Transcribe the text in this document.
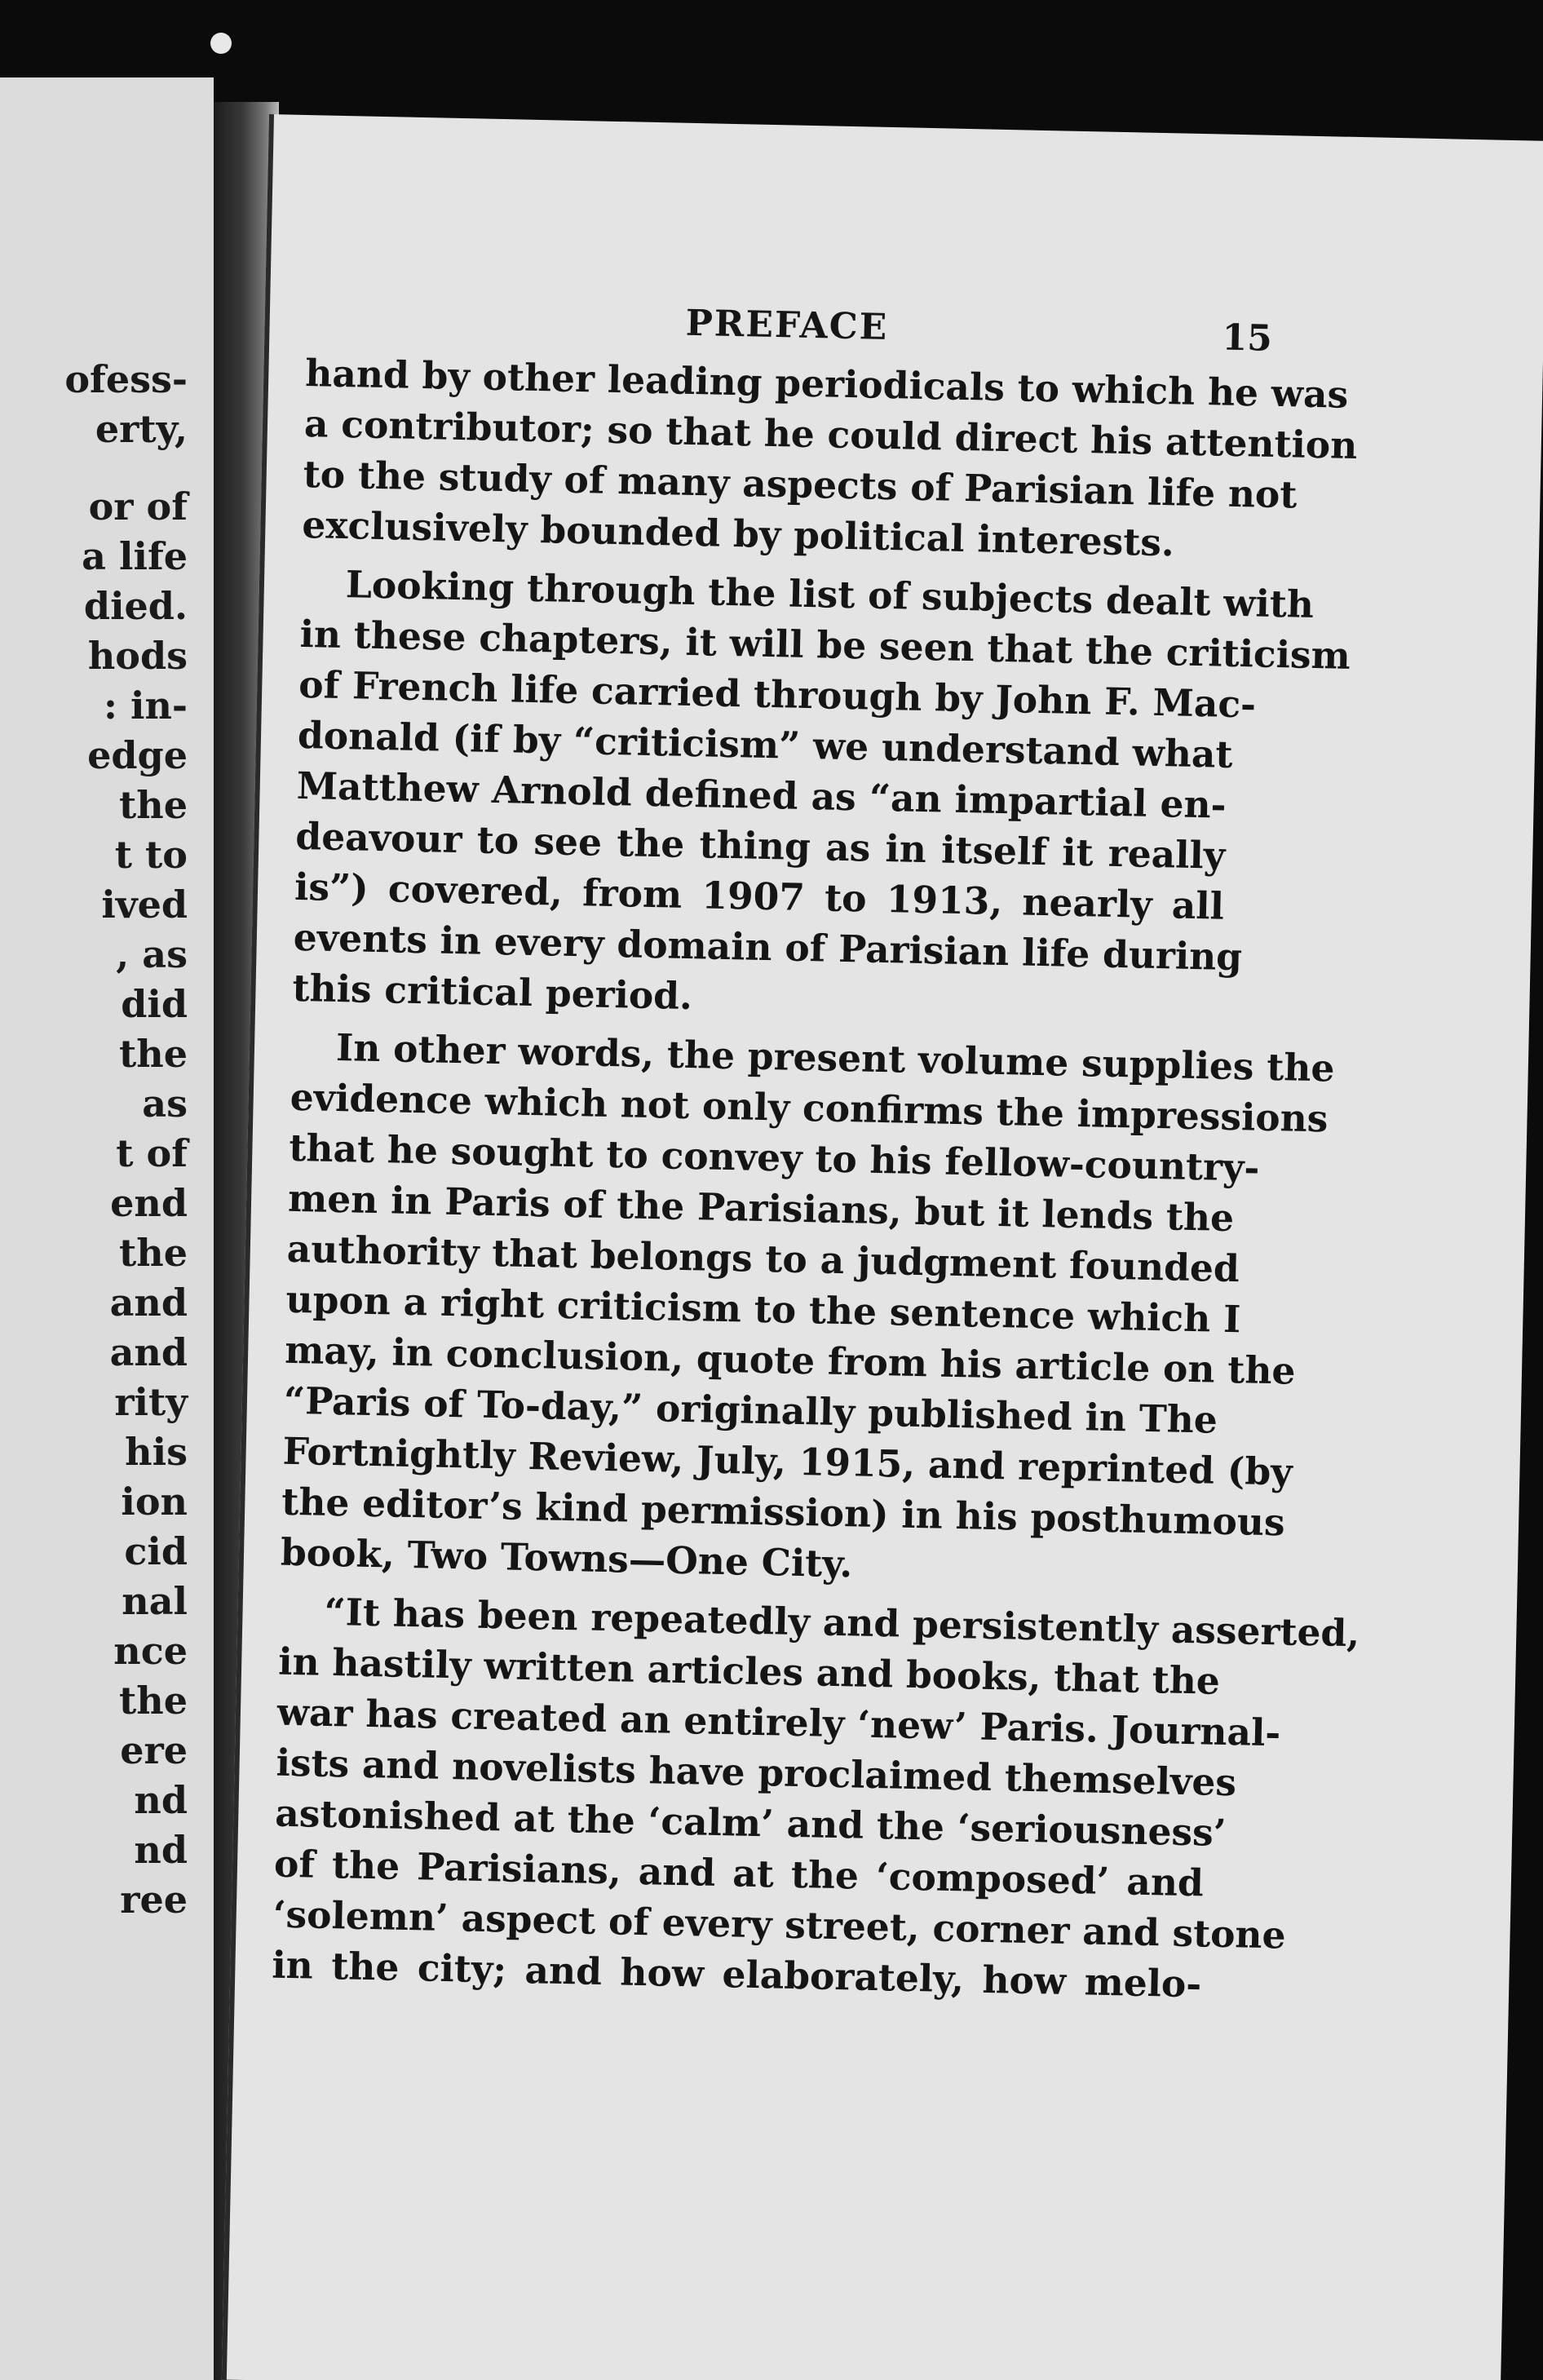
ofess-
erty,
or of
a life
died.
hods
: in-
edge
the
t to
ived
, as
did
the
as
t of
end
the
and
and
rity
his
ion
cid
nal
nce
the
ere
nd
nd
ree
PREFACE	15
hand by other leading periodicals to which he was
a contributor; so that he could direct his attention
to the study of many aspects of Parisian life not
exclusively bounded by political interests.
Looking through the list of subjects dealt with
in these chapters, it will be seen that the criticism
of French life carried through by John F. Mac-
donald (if by “criticism” we understand what
Matthew Arnold defined as “an impartial en-
deavour to see the thing as in itself it really
is”) covered, from 1907 to 1913, nearly all
events in every domain of Parisian life during
this critical period.
In other words, the present volume supplies the
evidence which not only confirms the impressions
that he sought to convey to his fellow-country-
men in Paris of the Parisians, but it lends the
authority that belongs to a judgment founded
upon a right criticism to the sentence which I
may, in conclusion, quote from his article on the
“Paris of To-day,” originally published in The
Fortnightly Review, July, 1915, and reprinted (by
the editor’s kind permission) in his posthumous
book, Two Towns—One City.
“It has been repeatedly and persistently asserted,
in hastily written articles and books, that the
war has created an entirely ‘new’ Paris. Journal-
ists and novelists have proclaimed themselves
astonished at the ‘calm’ and the ‘seriousness’
of the Parisians, and at the ‘composed’ and
‘solemn’ aspect of every street, corner and stone
in the city; and how elaborately, how melo-
